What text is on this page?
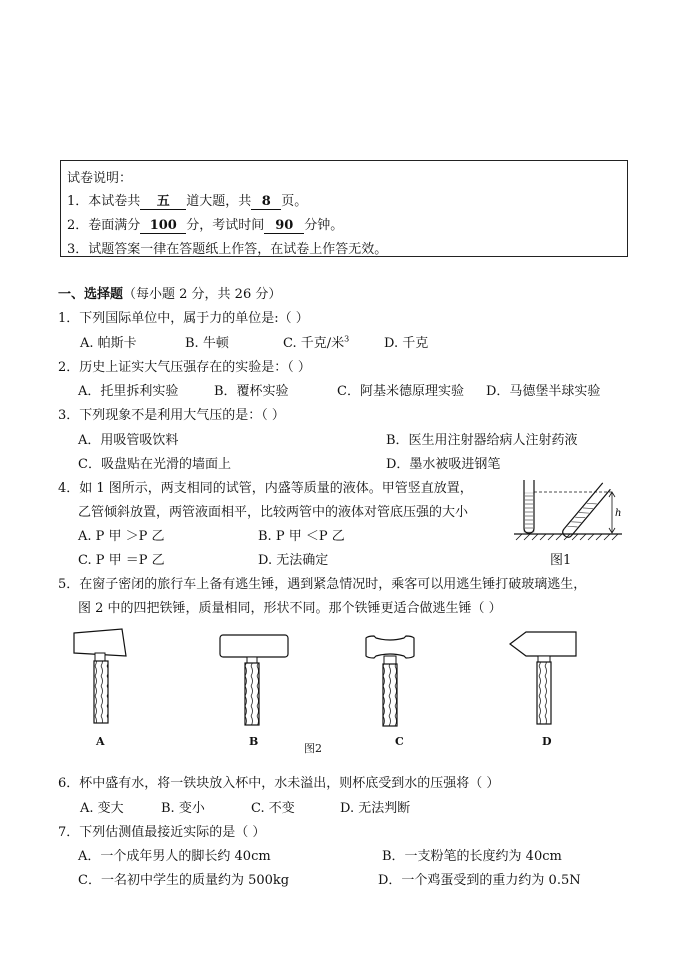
试卷说明：
1．本试卷共 五 道大题，共 8 页。
2．卷面满分 100 分，考试时间 90 分钟。
3．试题答案一律在答题纸上作答，在试卷上作答无效。
一、选择题（每小题 2 分，共 26 分）
1．下列国际单位中，属于力的单位是:（ ）
A. 帕斯卡	B. 牛顿	C. 千克/米$^3$	D. 千克
2．历史上证实大气压强存在的实验是：（ ）
A．托里拆利实验	B．覆杯实验	C．阿基米德原理实验 D．马德堡半球实验
3．下列现象不是利用大气压的是：（ ）
A．用吸管吸饮料	B．医生用注射器给病人注射药液
C．吸盘贴在光滑的墙面上	D．墨水被吸进钢笔
4．如 1 图所示，两支相同的试管，内盛等质量的液体。甲管竖直放置，
乙管倾斜放置，两管液面相平，比较两管中的液体对管底压强的大小
A. P 甲 ＞P 乙	B. P 甲 ＜P 乙
C. P 甲 ＝P 乙	D. 无法确定
h
图1
5．在窗子密闭的旅行车上备有逃生锤，遇到紧急情况时，乘客可以用逃生锤打破玻璃逃生，
图 2 中的四把铁锤，质量相同，形状不同。那个铁锤更适合做逃生锤（ ）
A	B	C	D
图2
6．杯中盛有水，将一铁块放入杯中，水未溢出，则杯底受到水的压强将（ ）
A. 变大	B. 变小	C. 不变	D. 无法判断
7．下列估测值最接近实际的是（ ）
A．一个成年男人的脚长约 40cm	B．一支粉笔的长度约为 40cm
C．一名初中学生的质量约为 500kg	D．一个鸡蛋受到的重力约为 0.5N
